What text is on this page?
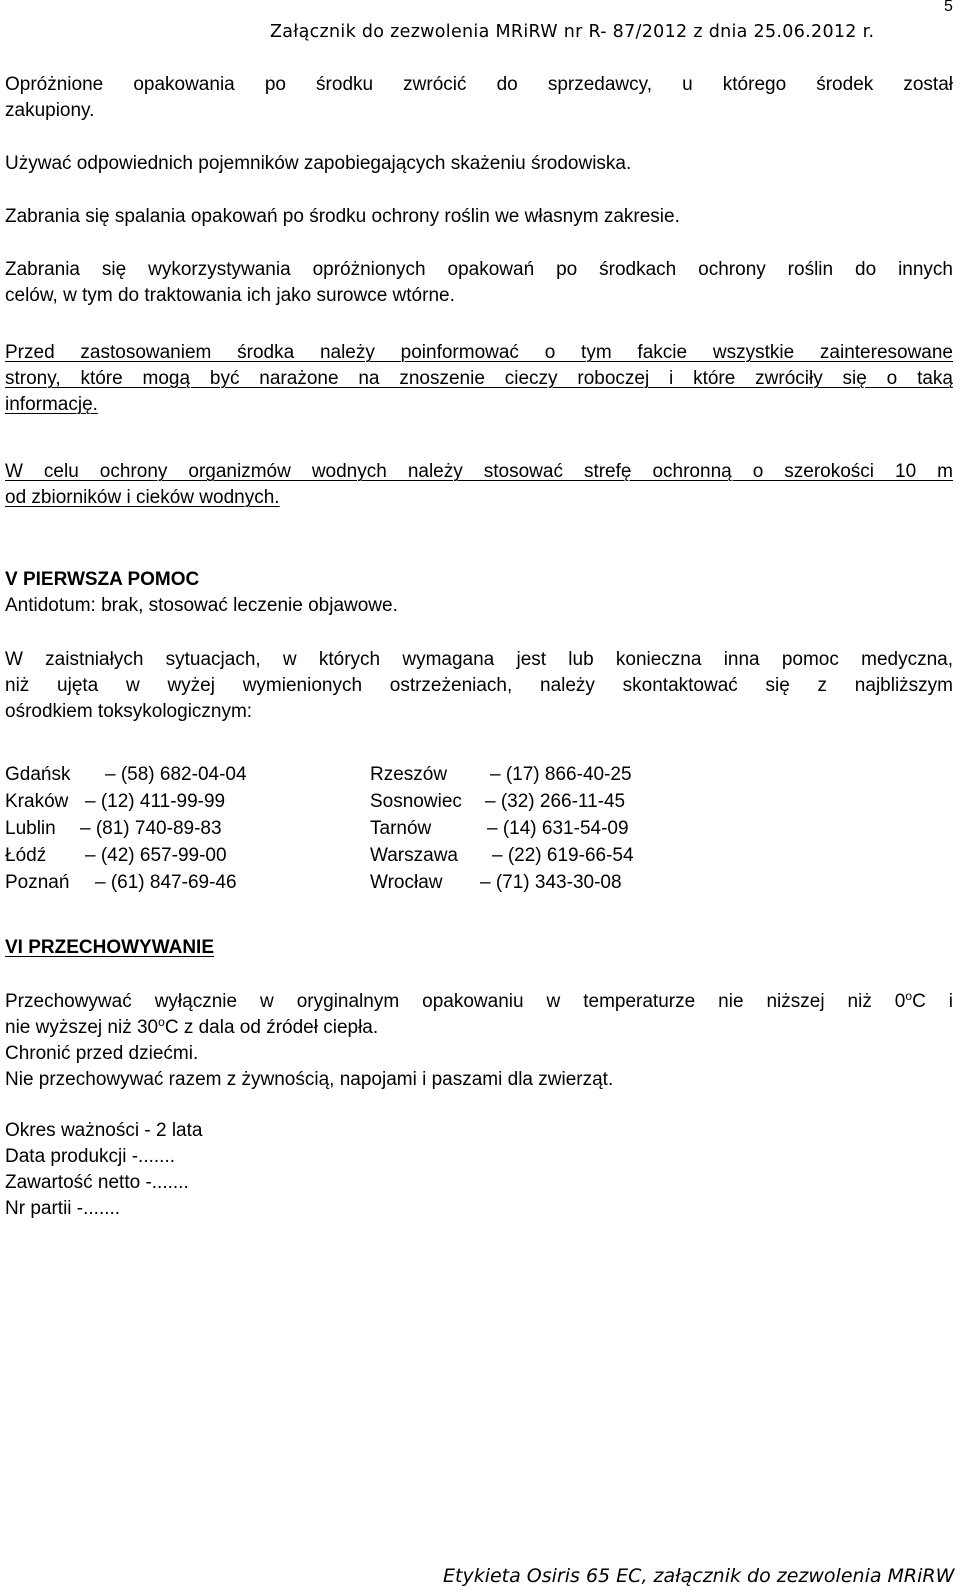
5
Załącznik do zezwolenia MRiRW nr R- 87/2012 z dnia 25.06.2012 r.
Opróżnione opakowania po środku zwrócić do sprzedawcy, u którego środek został
zakupiony.
Używać odpowiednich pojemników zapobiegających skażeniu środowiska.
Zabrania się spalania opakowań po środku ochrony roślin we własnym zakresie.
Zabrania się wykorzystywania opróżnionych opakowań po środkach ochrony roślin do innych
celów, w tym do traktowania ich jako surowce wtórne.
Przed zastosowaniem środka należy poinformować o tym fakcie wszystkie zainteresowane
strony, które mogą być narażone na znoszenie cieczy roboczej i które zwróciły się o taką
informację.
W celu ochrony organizmów wodnych należy stosować strefę ochronną o szerokości 10 m
od zbiorników i cieków wodnych.
V PIERWSZA POMOC
Antidotum: brak, stosować leczenie objawowe.
W zaistniałych sytuacjach, w których wymagana jest lub konieczna inna pomoc medyczna,
niż ujęta w wyżej wymienionych ostrzeżeniach, należy skontaktować się z najbliższym
ośrodkiem toksykologicznym:
Gdańsk – (58) 682-04-04	Rzeszów – (17) 866-40-25
Kraków – (12) 411-99-99	Sosnowiec – (32) 266-11-45
Lublin – (81) 740-89-83	Tarnów	– (14) 631-54-09
Łódź – (42) 657-99-00	Warszawa – (22) 619-66-54
Poznań – (61) 847-69-46	Wrocław – (71) 343-30-08
VI PRZECHOWYWANIE
Przechowywać wyłącznie w oryginalnym opakowaniu w temperaturze nie niższej niż 0$^o$C i
nie wyższej niż 30$^o$C z dala od źródeł ciepła.
Chronić przed dziećmi.
Nie przechowywać razem z żywnością, napojami i paszami dla zwierząt.
Okres ważności - 2 lata
Data produkcji -.......
Zawartość netto -.......
Nr partii -.......
Etykieta Osiris 65 EC, załącznik do zezwolenia MRiRW
